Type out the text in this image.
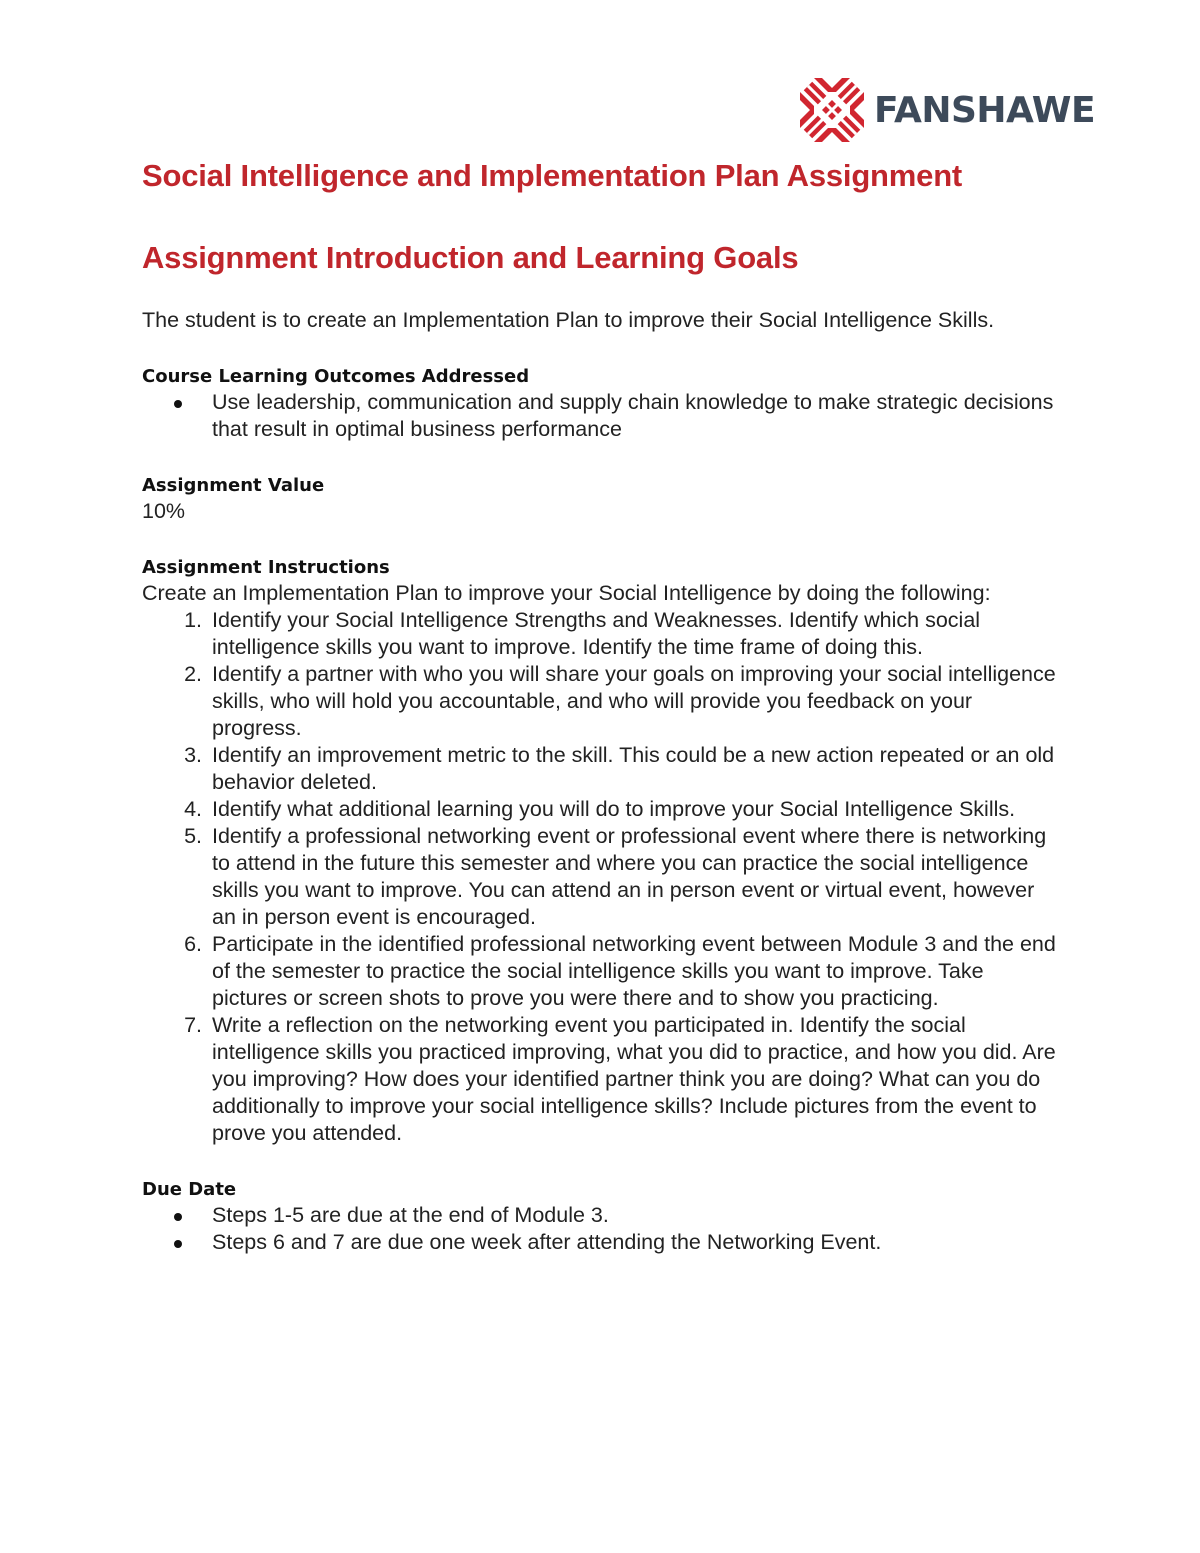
FANSHAWE
Social Intelligence and Implementation Plan Assignment
Assignment Introduction and Learning Goals

The student is to create an Implementation Plan to improve their Social Intelligence Skills.

Course Learning Outcomes Addressed

Use leadership, communication and supply chain knowledge to make strategic decisions that result in optimal business performance

Assignment Value

10%

Assignment Instructions

Create an Implementation Plan to improve your Social Intelligence by doing the following:

1. Identify your Social Intelligence Strengths and Weaknesses. Identify which social intelligence skills you want to improve. Identify the time frame of doing this.
2. Identify a partner with who you will share your goals on improving your social intelligence skills, who will hold you accountable, and who will provide you feedback on your progress.
3. Identify an improvement metric to the skill. This could be a new action repeated or an old behavior deleted.
4. Identify what additional learning you will do to improve your Social Intelligence Skills.
5. Identify a professional networking event or professional event where there is networking to attend in the future this semester and where you can practice the social intelligence skills you want to improve. You can attend an in person event or virtual event, however an in person event is encouraged.
6. Participate in the identified professional networking event between Module 3 and the end of the semester to practice the social intelligence skills you want to improve. Take pictures or screen shots to prove you were there and to show you practicing.
7. Write a reflection on the networking event you participated in. Identify the social intelligence skills you practiced improving, what you did to practice, and how you did. Are you improving? How does your identified partner think you are doing? What can you do additionally to improve your social intelligence skills? Include pictures from the event to prove you attended.

Due Date

Steps 1-5 are due at the end of Module 3.
Steps 6 and 7 are due one week after attending the Networking Event.
